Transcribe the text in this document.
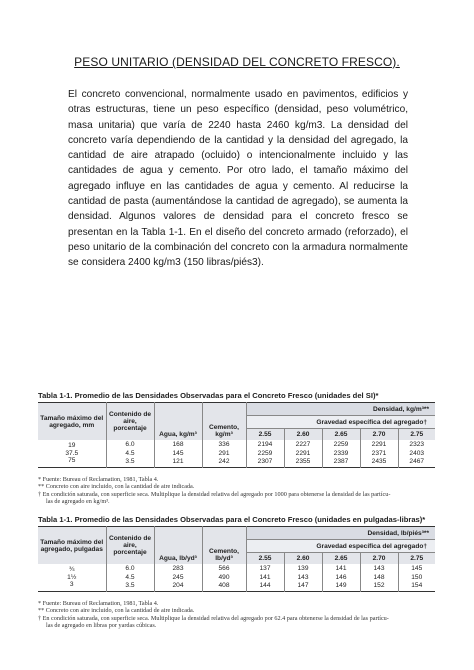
PESO UNITARIO (DENSIDAD DEL CONCRETO FRESCO).
El concreto convencional, normalmente usado en pavimentos, edificios y otras estructuras, tiene un peso específico (densidad, peso volumétrico, masa unitaria) que varía de 2240 hasta 2460 kg/m3. La densidad del concreto varía dependiendo de la cantidad y la densidad del agregado, la cantidad de aire atrapado (ocluido) o intencionalmente incluido y las cantidades de agua y cemento. Por otro lado, el tamaño máximo del agregado influye en las cantidades de agua y cemento. Al reducirse la cantidad de pasta (aumentándose la cantidad de agregado), se aumenta la densidad. Algunos valores de densidad para el concreto fresco se presentan en la Tabla 1-1. En el diseño del concreto armado (reforzado), el peso unitario de la combinación del concreto con la armadura normalmente se considera 2400 kg/m3 (150 libras/piés3).
Tabla 1-1. Promedio de las Densidades Observadas para el Concreto Fresco (unidades del SI)*
Tamaño máximo del agregado, mm	Contenido de aire, porcentaje	Agua, kg/m³	Cemento, kg/m³	Densidad, kg/m³**				
				Gravedad específica del agregado†				
				2.55	2.60	2.65	2.70	2.75
19	6.0	168	336	2194	2227	2259	2291	2323
37.5	4.5	145	291	2259	2291	2339	2371	2403
75	3.5	121	242	2307	2355	2387	2435	2467
* Fuente: Bureau of Reclamation, 1981, Tabla 4.
** Concreto con aire incluido, con la cantidad de aire indicada.
† En condición saturada, con superficie seca. Multiplique la densidad relativa del agregado por 1000 para obtenerse la densidad de las partícu-
las de agregado en kg/m³.
Tabla 1-1. Promedio de las Densidades Observadas para el Concreto Fresco (unidades en pulgadas-libras)*
Tamaño máximo del agregado, pulgadas	Contenido de aire, porcentaje	Agua, lb/yd³	Cemento, lb/yd³	Densidad, lb/piés³**				
				Gravedad específica del agregado†				
				2.55	2.60	2.65	2.70	2.75
¾	6.0	283	566	137	139	141	143	145
1½	4.5	245	490	141	143	146	148	150
3	3.5	204	408	144	147	149	152	154
* Fuente: Bureau of Reclamation, 1981, Tabla 4.
** Concreto con aire incluido, con la cantidad de aire indicada.
† En condición saturada, con superficie seca. Multiplique la densidad relativa del agregado por 62.4 para obtenerse la densidad de las partícu-
las de agregado en libras por yardas cúbicas.
